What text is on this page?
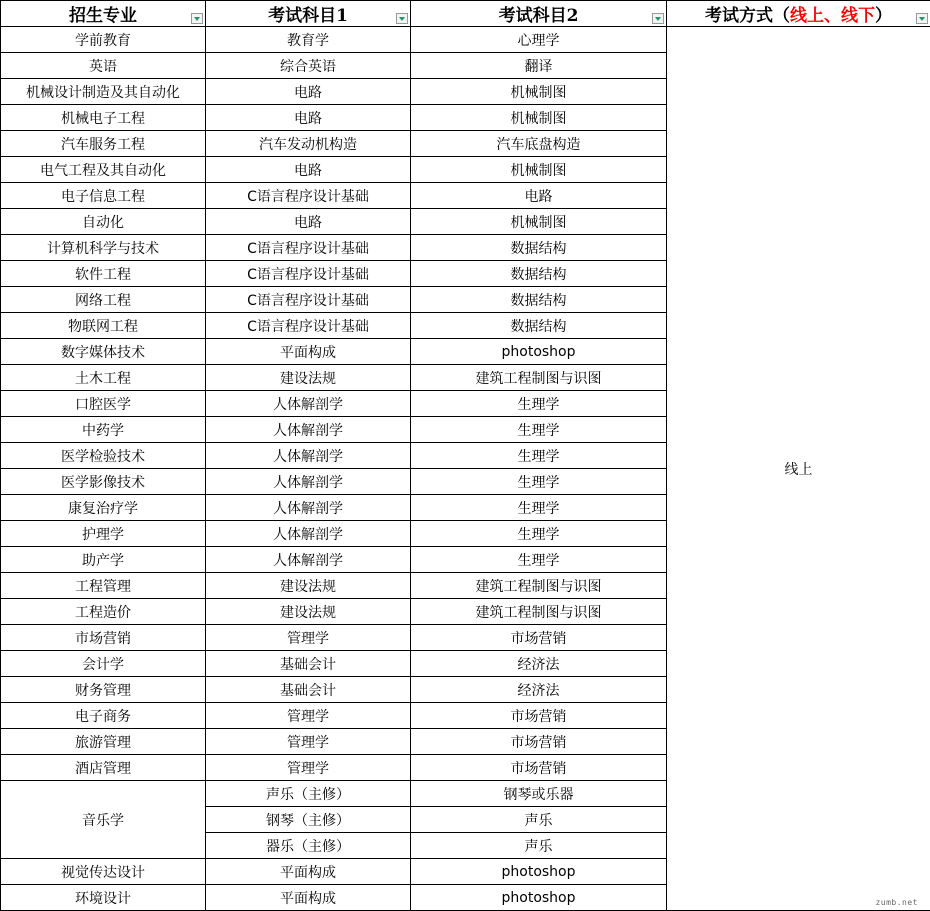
招生专业	考试科目1	考试科目2	考试方式（线上、线下）

学前教育	教育学	心理学	线上
英语	综合英语	翻译	
机械设计制造及其自动化	电路	机械制图	
机械电子工程	电路	机械制图	
汽车服务工程	汽车发动机构造	汽车底盘构造	
电气工程及其自动化	电路	机械制图	
电子信息工程	C语言程序设计基础	电路	
自动化	电路	机械制图	
计算机科学与技术	C语言程序设计基础	数据结构	
软件工程	C语言程序设计基础	数据结构	
网络工程	C语言程序设计基础	数据结构	
物联网工程	C语言程序设计基础	数据结构	
数字媒体技术	平面构成	photoshop	
土木工程	建设法规	建筑工程制图与识图	
口腔医学	人体解剖学	生理学	
中药学	人体解剖学	生理学	
医学检验技术	人体解剖学	生理学	
医学影像技术	人体解剖学	生理学	
康复治疗学	人体解剖学	生理学	
护理学	人体解剖学	生理学	
助产学	人体解剖学	生理学	
工程管理	建设法规	建筑工程制图与识图	
工程造价	建设法规	建筑工程制图与识图	
市场营销	管理学	市场营销	
会计学	基础会计	经济法	
财务管理	基础会计	经济法	
电子商务	管理学	市场营销	
旅游管理	管理学	市场营销	
酒店管理	管理学	市场营销	
音乐学	声乐（主修）	钢琴或乐器	
	钢琴（主修）	声乐	
	器乐（主修）	声乐	
视觉传达设计	平面构成	photoshop	
环境设计	平面构成	photoshop		zumb.net
